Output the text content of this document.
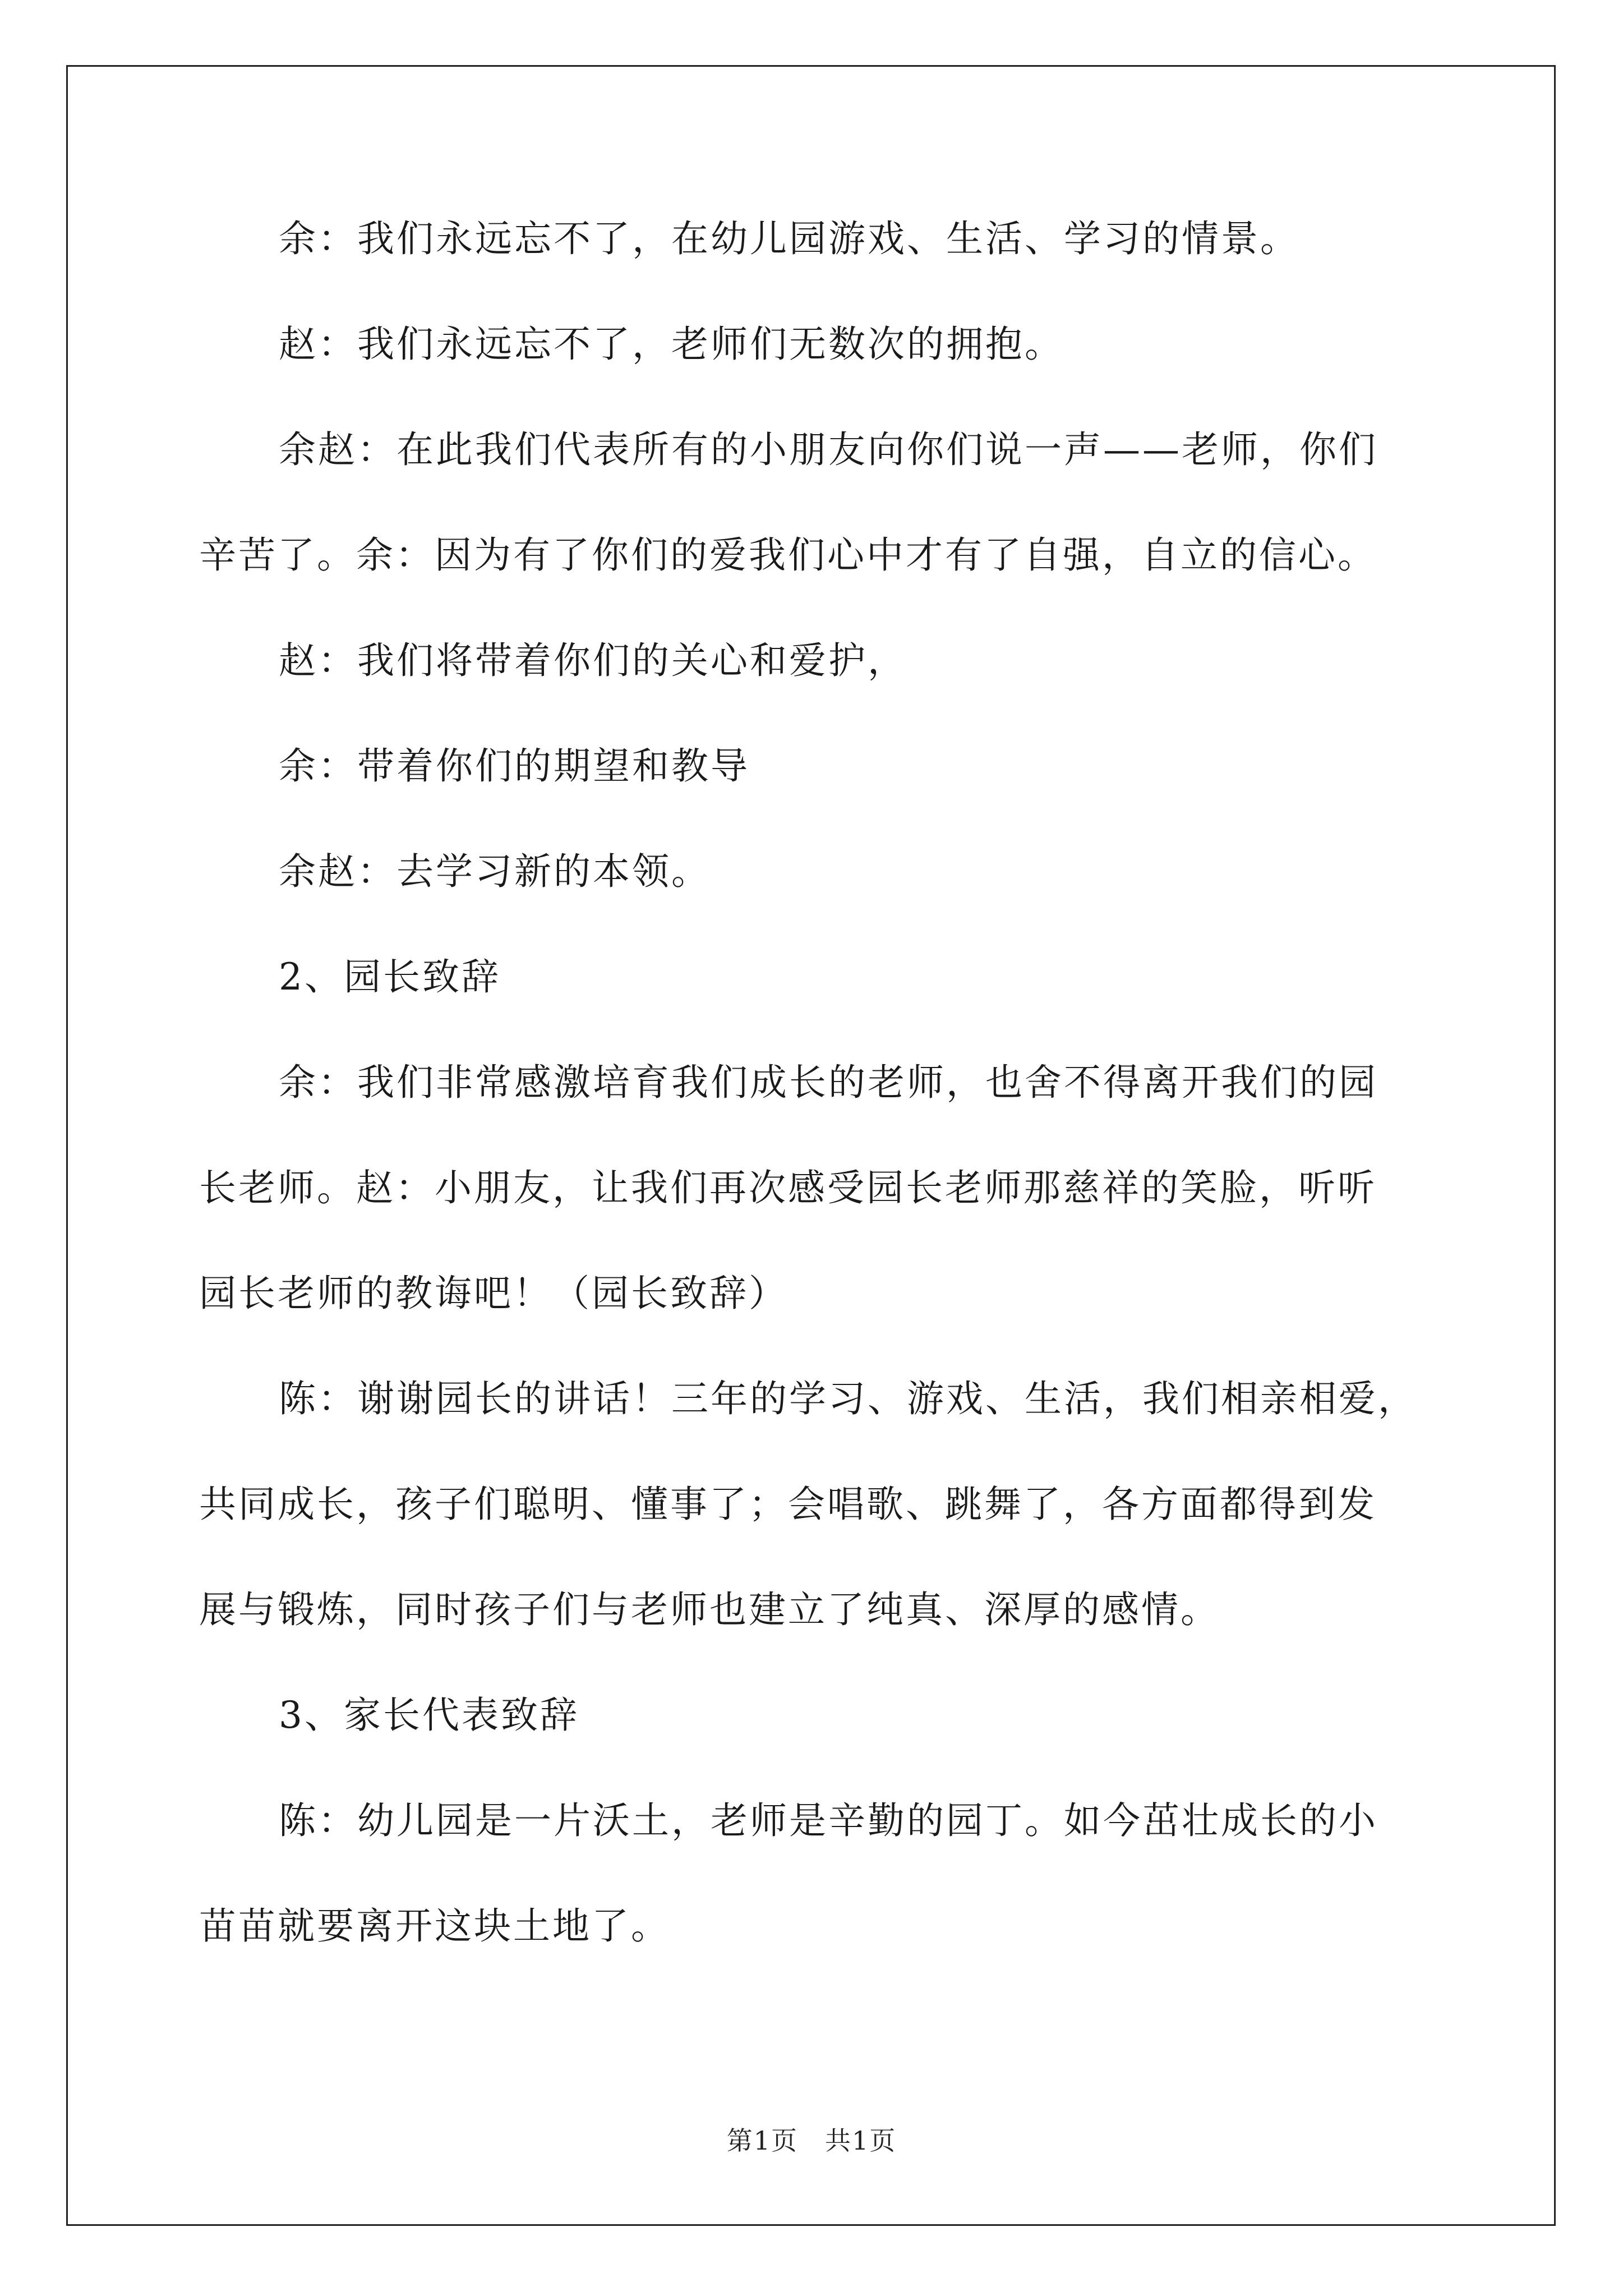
余：我们永远忘不了，在幼儿园游戏、生活、学习的情景。

赵：我们永远忘不了，老师们无数次的拥抱。

余赵：在此我们代表所有的小朋友向你们说一声——老师，你们
辛苦了。余：因为有了你们的爱我们心中才有了自强，自立的信心。

赵：我们将带着你们的关心和爱护，

余：带着你们的期望和教导

余赵：去学习新的本领。

2、园长致辞

余：我们非常感激培育我们成长的老师，也舍不得离开我们的园
长老师。赵：小朋友，让我们再次感受园长老师那慈祥的笑脸，听听
园长老师的教诲吧！（园长致辞）

陈：谢谢园长的讲话！三年的学习、游戏、生活，我们相亲相爱，
共同成长，孩子们聪明、懂事了；会唱歌、跳舞了，各方面都得到发
展与锻炼，同时孩子们与老师也建立了纯真、深厚的感情。

3、家长代表致辞

陈：幼儿园是一片沃土，老师是辛勤的园丁。如今茁壮成长的小
苗苗就要离开这块土地了。

第1页 共1页
